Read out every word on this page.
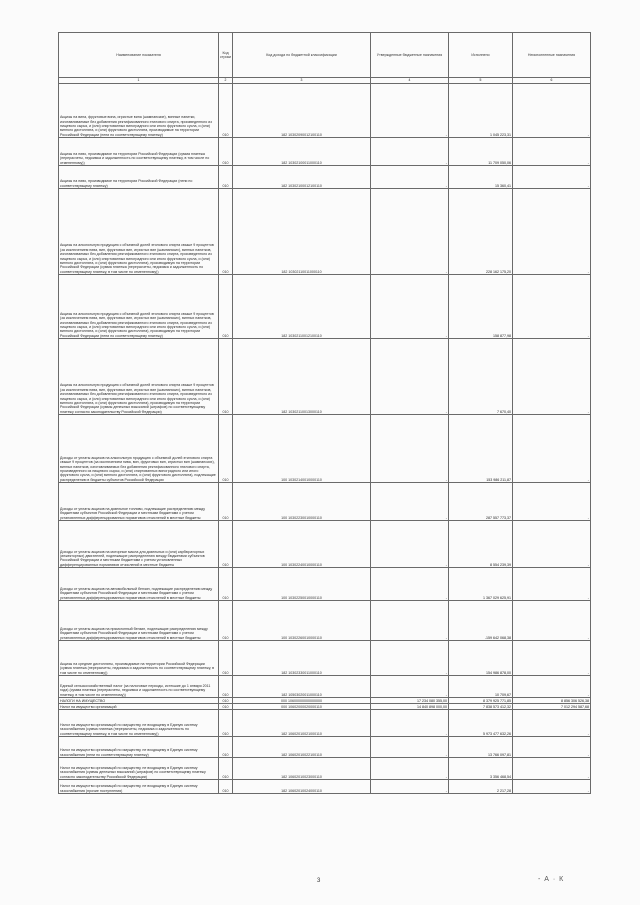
Наименование показателя	Код строки	Код дохода по бюджетной классификации	Утвержденные бюджетные назначения	Исполнено	Неисполненные назначения
1	2	3	4	5	6
Акцизы на вина, фруктовые вина, игристые вина (шампанские), винные напитки, изготавливаемые без добавления ректификованного этилового спирта, произведенного из пищевого сырья, и (или) спиртованных виноградного или иного фруктового сусла, и (или) винного дистиллята, и (или) фруктового дистиллята, производимые на территории Российской Федерации (пени по соответствующему платежу)	010	182 10302090012100110	-	1 045 223,31	-
Акцизы на пиво, производимое на территории Российской Федерации (сумма платежа (перерасчеты, недоимка и задолженность по соответствующему платежу, в том числе по отмененному))	010	182 10302100011000110	-	11 709 050,06	-
Акцизы на пиво, производимое на территории Российской Федерации (пени по соответствующему платежу)	010	182 10302100012100110	-	15 360,41	-
Акцизы на алкогольную продукцию с объемной долей этилового спирта свыше 9 процентов (за исключением пива, вин, фруктовых вин, игристых вин (шампанских), винных напитков, изготавливаемых без добавления ректификованного этилового спирта, произведенного из пищевого сырья, и (или) спиртованных виноградного или иного фруктового сусла, и (или) винного дистиллята, и (или) фруктового дистиллята), производимую на территории Российской Федерации (сумма платежа (перерасчеты, недоимка и задолженность по соответствующему платежу, в том числе по отмененному))	010	182 10302110011000110	-	228 162 175,20	-
Акцизы на алкогольную продукцию с объемной долей этилового спирта свыше 9 процентов (за исключением пива, вин, фруктовых вин, игристых вин (шампанских), винных напитков, изготавливаемых без добавления ректификованного этилового спирта, произведенного из пищевого сырья, и (или) спиртованных виноградного или иного фруктового сусла, и (или) винного дистиллята, и (или) фруктового дистиллята), производимую на территории Российской Федерации (пени по соответствующему платежу)	010	182 10302110012100110	-	158 877,98	-
Акцизы на алкогольную продукцию с объемной долей этилового спирта свыше 9 процентов (за исключением пива, вин, фруктовых вин, игристых вин (шампанских), винных напитков, изготавливаемых без добавления ректификованного этилового спирта, произведенного из пищевого сырья, и (или) спиртованных виноградного или иного фруктового сусла, и (или) винного дистиллята, и (или) фруктового дистиллята), производимую на территории Российской Федерации (суммы денежных взысканий (штрафов) по соответствующему платежу согласно законодательству Российской Федерации)	010	182 10302110013000110	-	7 670,40	-
Доходы от уплаты акцизов на алкогольную продукцию с объемной долей этилового спирта свыше 9 процентов (за исключением пива, вин, фруктовых вин, игристых вин (шампанских), винных напитков, изготавливаемых без добавления ректификованного этилового спирта, произведенного из пищевого сырья, и (или) спиртованных виноградного или иного фруктового сусла, и (или) винного дистиллята, и (или) фруктового дистиллята), подлежащие распределению в бюджеты субъектов Российской Федерации	010	100 10302140010000110	-	153 986 211,87	-
Доходы от уплаты акцизов на дизельное топливо, подлежащие распределению между бюджетами субъектов Российской Федерации и местными бюджетами с учетом установленных дифференцированных нормативов отчислений в местные бюджеты	010	100 10302230010000110	-	287 557 773,37	-
Доходы от уплаты акцизов на моторные масла для дизельных и (или) карбюраторных (инжекторных) двигателей, подлежащие распределению между бюджетами субъектов Российской Федерации и местными бюджетами с учетом установленных дифференцированных нормативов отчислений в местные бюджеты	010	100 10302240010000110	-	8 554 239,39	-
Доходы от уплаты акцизов на автомобильный бензин, подлежащие распределению между бюджетами субъектов Российской Федерации и местными бюджетами с учетом установленных дифференцированных нормативов отчислений в местные бюджеты	010	100 10302250010000110	-	1 367 029 625,91	-
Доходы от уплаты акцизов на прямогонный бензин, подлежащие распределению между бюджетами субъектов Российской Федерации и местными бюджетами с учетом установленных дифференцированных нормативов отчислений в местные бюджеты	010	100 10302260010000110	-	-159 642 068,38	-
Акцизы на средние дистилляты, производимые на территории Российской Федерации (сумма платежа (перерасчеты, недоимка и задолженность по соответствующему платежу, в том числе по отмененному))	010	182 10302330011000110	-	154 986 878,00	-
Единый сельскохозяйственный налог (за налоговые периоды, истекшие до 1 января 2011 года) (сумма платежа (перерасчеты, недоимка и задолженность по соответствующему платежу, в том числе по отмененному))	010	182 10503020011000110	-	10 709,67	-
НАЛОГИ НА ИМУЩЕСТВО	010	000 10600000000000000	17 234 080 355,00	8 379 925 771,85	8 856 306 526,38
Налог на имущество организаций	010	000 10602000020000110	14 840 898 000,00	7 838 573 412,32	7 012 294 587,68
Налог на имущество организаций по имуществу, не входящему в Единую систему газоснабжения (сумма платежа (перерасчеты, недоимка и задолженность по соответствующему платежу, в том числе по отмененному))	010	182 10602010021000110	-	5 973 477 632,26	-
Налог на имущество организаций по имуществу, не входящему в Единую систему газоснабжения (пени по соответствующему платежу)	010	182 10602010022100110	-	13 766 097,81	-
Налог на имущество организаций по имуществу, не входящему в Единую систему газоснабжения (суммы денежных взысканий (штрафов) по соответствующему платежу согласно законодательству Российской Федерации)	010	182 10602010023000110	-	3 356 468,54	-
Налог на имущество организаций по имуществу, не входящему в Единую систему газоснабжения (прочие поступления)	010	182 10602010024000110	-	2 217,28	-
3	- А · К
